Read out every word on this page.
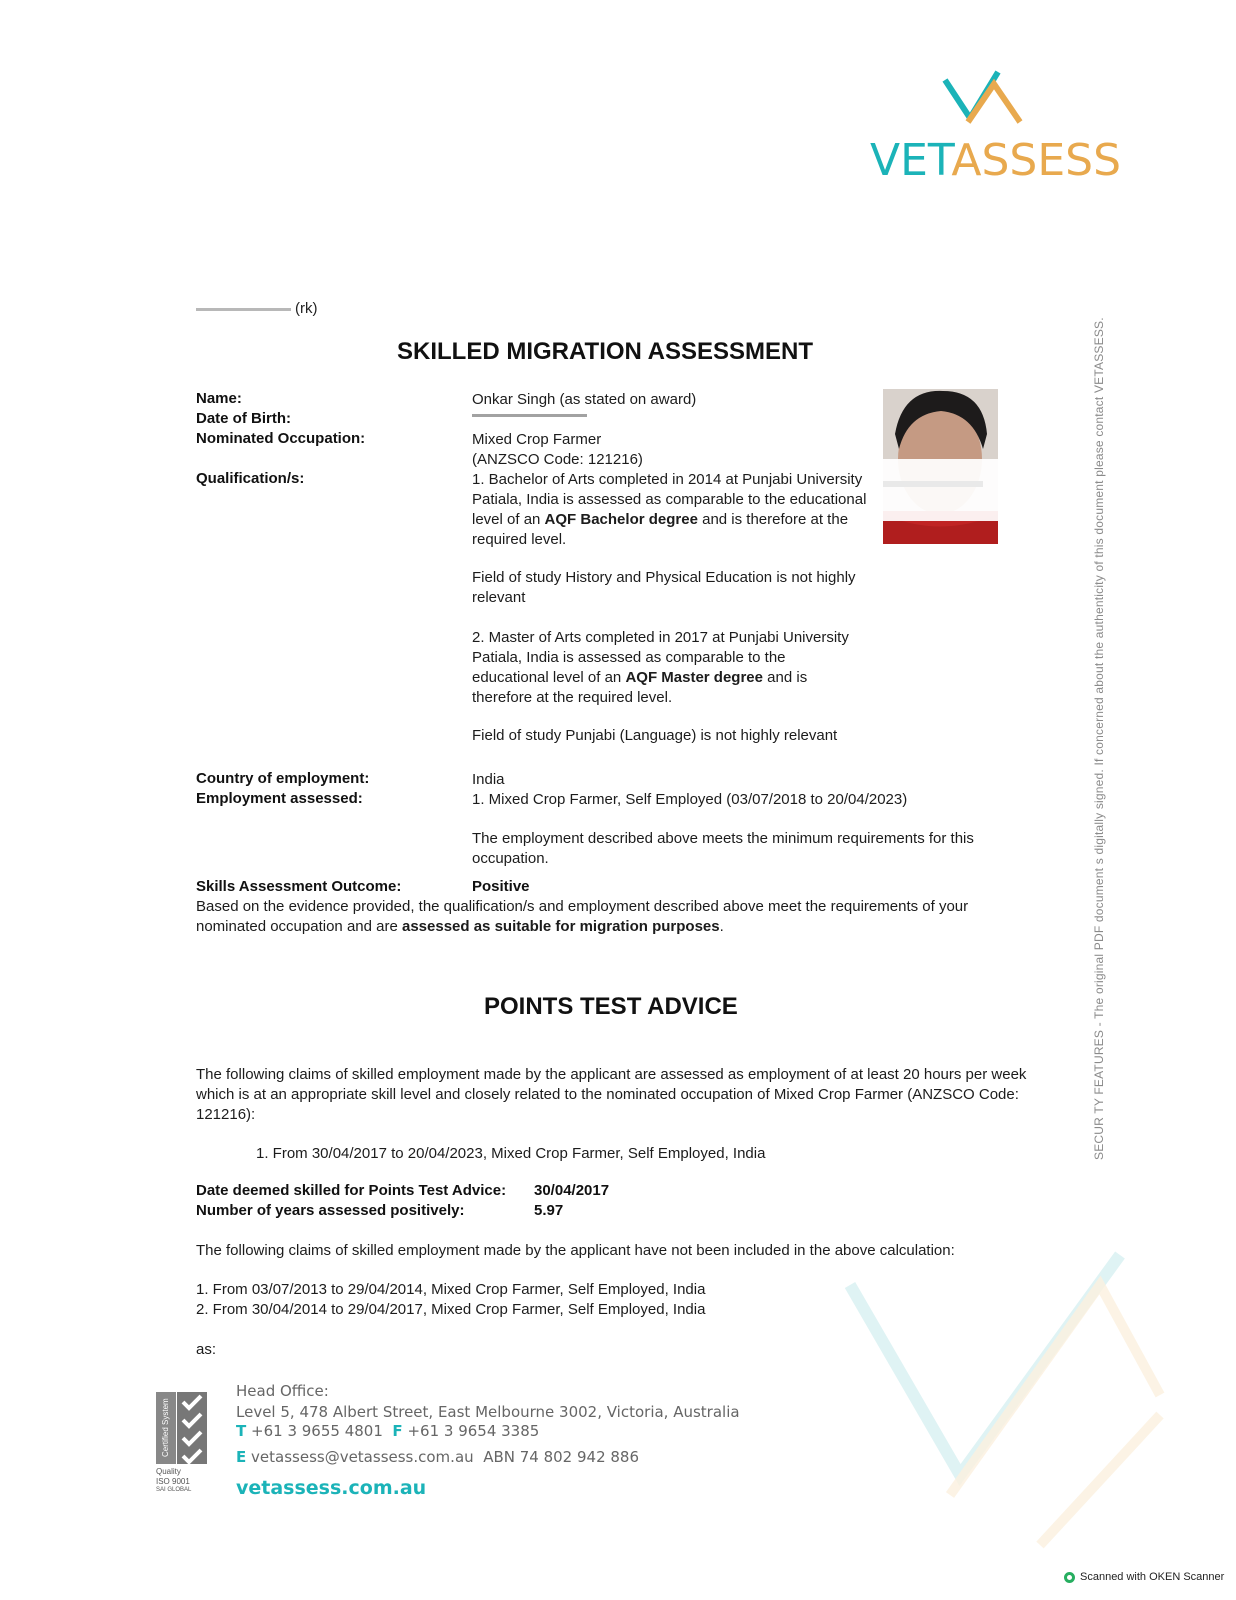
VETASSESS
(rk)
SKILLED MIGRATION ASSESSMENT
Name:	Onkar Singh (as stated on award)
Date of Birth:
Nominated Occupation:	Mixed Crop Farmer
(ANZSCO Code: 121216)
Qualification/s:	1. Bachelor of Arts completed in 2014 at Punjabi University Patiala, India is assessed as comparable to the educational level of an AQF Bachelor degree and is therefore at the required level.
Field of study History and Physical Education is not highly relevant
2. Master of Arts completed in 2017 at Punjabi University Patiala, India is assessed as comparable to the educational level of an AQF Master degree and is therefore at the required level.
Field of study Punjabi (Language) is not highly relevant
Country of employment:	India
Employment assessed:	1. Mixed Crop Farmer, Self Employed (03/07/2018 to 20/04/2023)
The employment described above meets the minimum requirements for this occupation.
Skills Assessment Outcome:	Positive
Based on the evidence provided, the qualification/s and employment described above meet the requirements of your nominated occupation and are assessed as suitable for migration purposes.
POINTS TEST ADVICE
The following claims of skilled employment made by the applicant are assessed as employment of at least 20 hours per week which is at an appropriate skill level and closely related to the nominated occupation of Mixed Crop Farmer (ANZSCO Code: 121216):
1. From 30/04/2017 to 20/04/2023, Mixed Crop Farmer, Self Employed, India
Date deemed skilled for Points Test Advice: 30/04/2017
Number of years assessed positively:	5.97
The following claims of skilled employment made by the applicant have not been included in the above calculation:
1. From 03/07/2013 to 29/04/2014, Mixed Crop Farmer, Self Employed, India
2. From 30/04/2014 to 29/04/2017, Mixed Crop Farmer, Self Employed, India
as:
SECUR TY FEATURES - The original PDF document s digitally signed. If concerned about the authenticity of this document please contact VETASSESS.
Certified System
Quality
ISO 9001
SAI GLOBAL
Head Office:
Level 5, 478 Albert Street, East Melbourne 3002, Victoria, Australia
T +61 3 9655 4801 F +61 3 9654 3385
E vetassess@vetassess.com.au ABN 74 802 942 886
vetassess.com.au
Scanned with OKEN Scanner
